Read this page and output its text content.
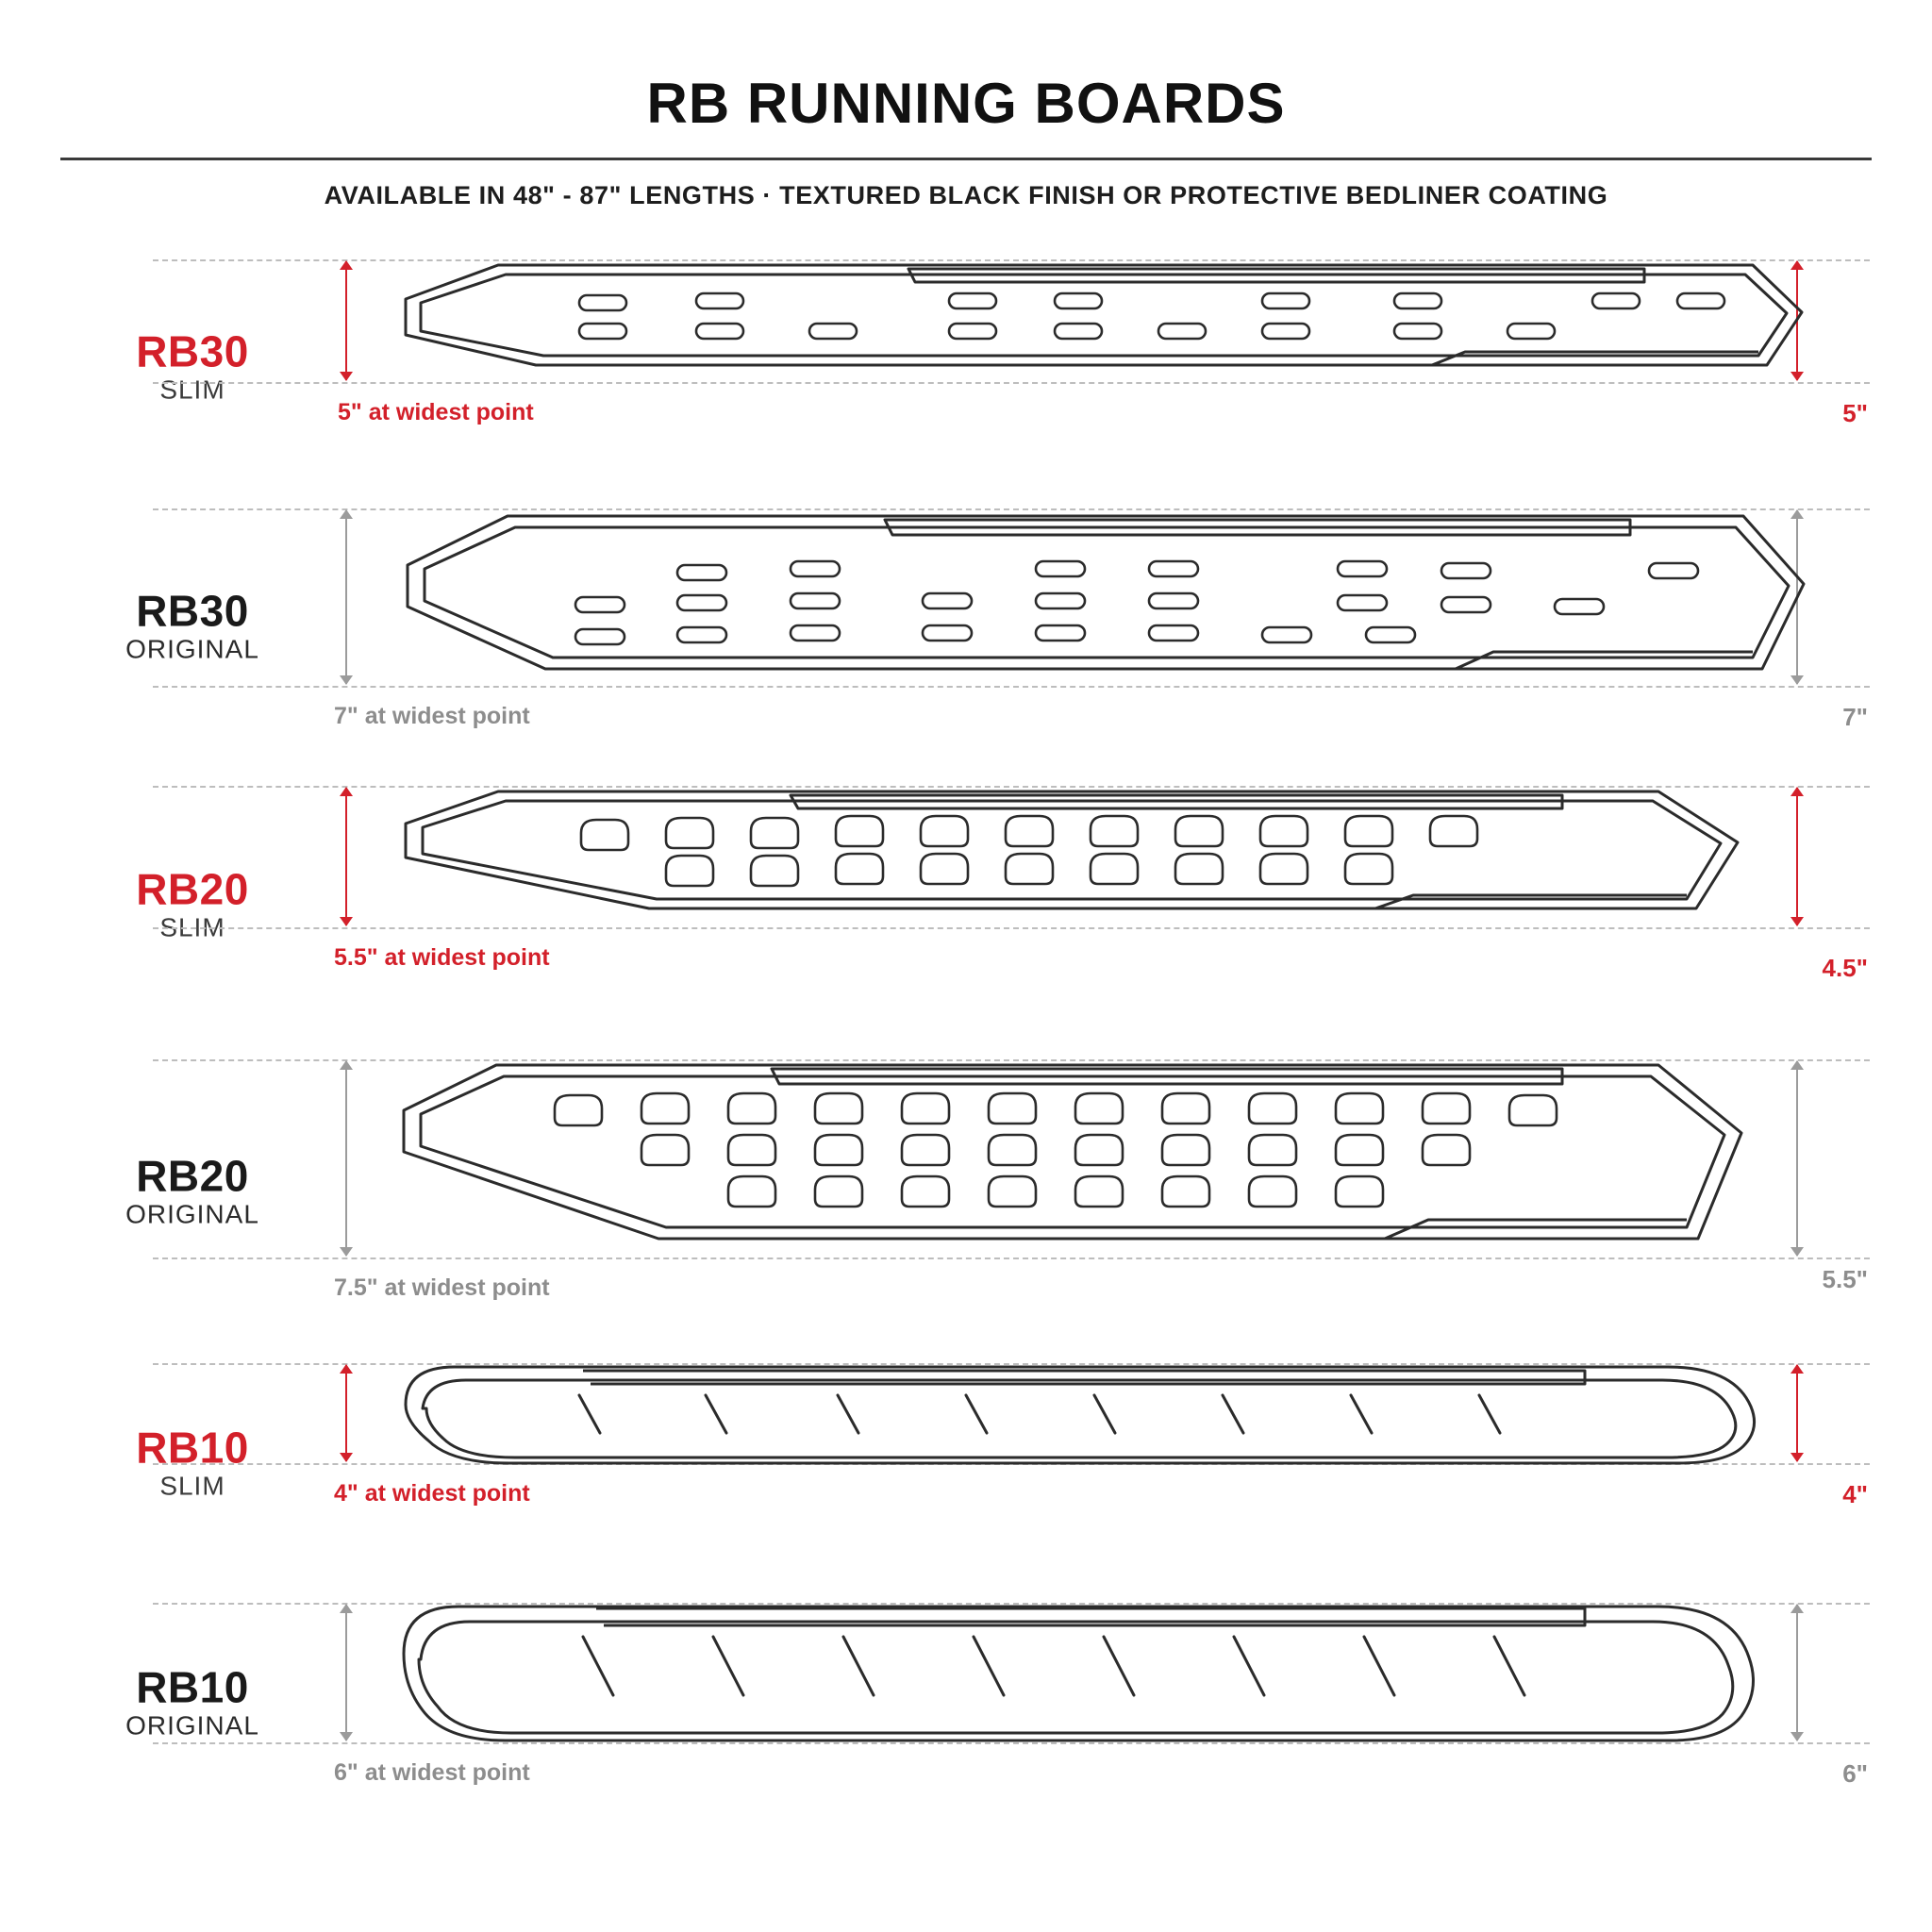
RB RUNNING BOARDS
AVAILABLE IN 48" - 87" LENGTHS · TEXTURED BLACK FINISH OR PROTECTIVE BEDLINER COATING
RB30
SLIM
5" at widest point	5"
RB30
ORIGINAL
7" at widest point	7"
RB20
SLIM
5.5" at widest point	4.5"
RB20
ORIGINAL
7.5" at widest point	5.5"
RB10
SLIM	4" at widest point	4"
RB10
ORIGINAL
6" at widest point	6"
